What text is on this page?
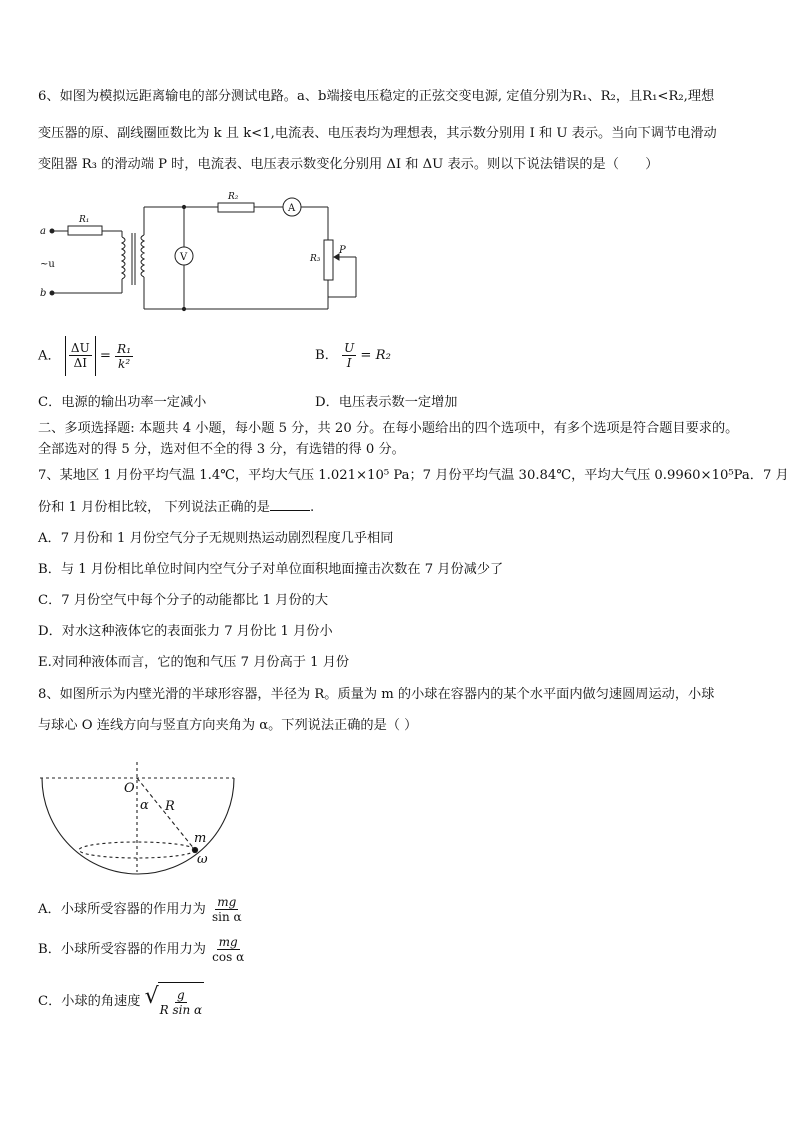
6、如图为模拟远距离输电的部分测试电路。a、b端接电压稳定的正弦交变电源, 定值分别为R₁、R₂，且R₁<R₂,理想
变压器的原、副线圈匝数比为 k 且 k<1,电流表、电压表均为理想表，其示数分别用 I 和 U 表示。当向下调节电滑动
变阻器 R₃ 的滑动端 P 时，电流表、电压表示数变化分别用 ΔI 和 ΔU 表示。则以下说法错误的是（　　）
a
b
~u
R₁
R₂
R₃
P
V
A
A． $\frac{\Delta U}{\Delta I} = \frac{\text{R₁}}{\text{k²}}$	B． $\frac{U}{I} = R_2$
C．电源的输出功率一定减小	D．电压表示数一定增加
二、多项选择题: 本题共 4 小题，每小题 5 分，共 20 分。在每小题给出的四个选项中，有多个选项是符合题目要求的。
全部选对的得 5 分，选对但不全的得 3 分，有选错的得 0 分。
7、某地区 1 月份平均气温 1.4℃，平均大气压 1.021×10⁵ Pa；7 月份平均气温 30.84℃，平均大气压 0.9960×10⁵Pa．7 月
份和 1 月份相比较， 下列说法正确的是	.
A．7 月份和 1 月份空气分子无规则热运动剧烈程度几乎相同
B．与 1 月份相比单位时间内空气分子对单位面积地面撞击次数在 7 月份减少了
C．7 月份空气中每个分子的动能都比 1 月份的大
D．对水这种液体它的表面张力 7 月份比 1 月份小
E.对同种液体而言，它的饱和气压 7 月份高于 1 月份
8、如图所示为内壁光滑的半球形容器，半径为 R。质量为 m 的小球在容器内的某个水平面内做匀速圆周运动，小球
与球心 O 连线方向与竖直方向夹角为 α。下列说法正确的是（ ）
O
α R
m
ω
A．小球所受容器的作用力为 $\frac{mg}{\text{sin α}}$
B．小球所受容器的作用力为 $\frac{mg}{\text{cos α}}$
C．小球的角速度 √ $\frac{g}{\text{R sin α}}$
